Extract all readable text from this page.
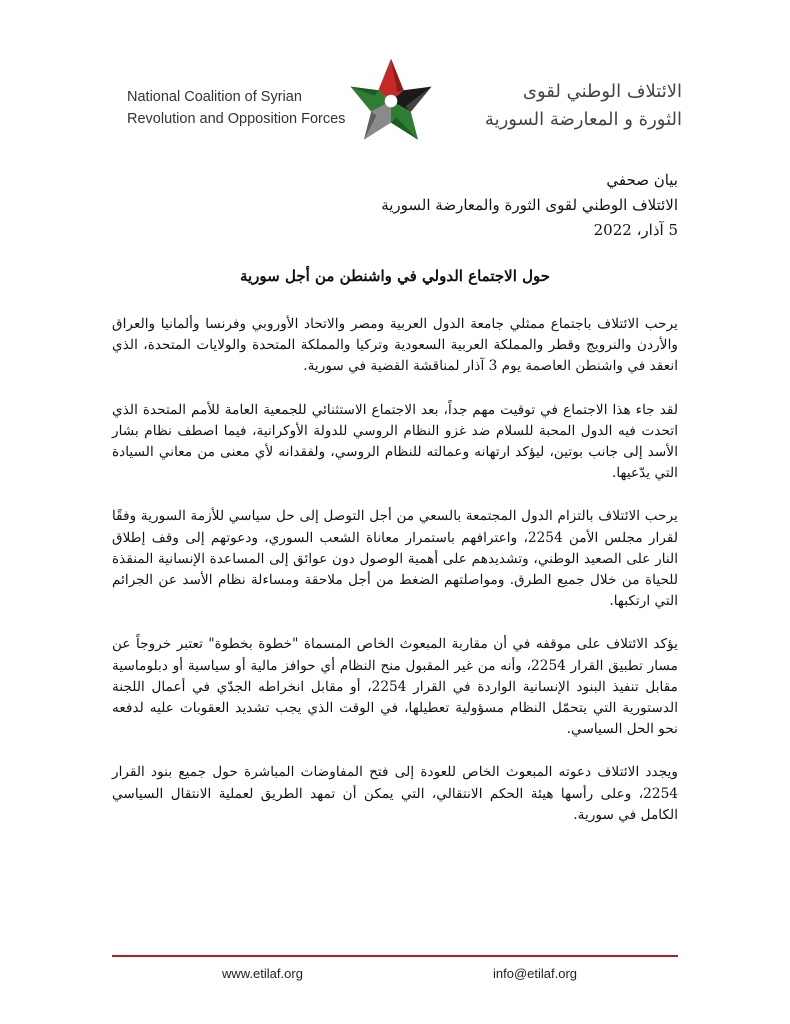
National Coalition of Syrian
Revolution and Opposition Forces
الائتلاف الوطني لقوى
الثورة و المعارضة السورية
بيان صحفي
الائتلاف الوطني لقوى الثورة والمعارضة السورية
5 آذار، 2022
حول الاجتماع الدولي في واشنطن من أجل سورية

يرحب الائتلاف باجتماع ممثلي جامعة الدول العربية ومصر والاتحاد الأوروبي وفرنسا وألمانيا والعراق والأردن والنرويج وقطر والمملكة العربية السعودية وتركيا والمملكة المتحدة والولايات المتحدة، الذي انعقد في واشنطن العاصمة يوم 3 آذار لمناقشة القضية في سورية.

لقد جاء هذا الاجتماع في توقيت مهم جداً، بعد الاجتماع الاستثنائي للجمعية العامة للأمم المتحدة الذي اتحدت فيه الدول المحبة للسلام ضد غزو النظام الروسي للدولة الأوكرانية، فيما اصطف نظام بشار الأسد إلى جانب بوتين، ليؤكد ارتهانه وعمالته للنظام الروسي، ولفقدانه لأي معنى من معاني السيادة التي يدّعيها.

يرحب الائتلاف بالتزام الدول المجتمعة بالسعي من أجل التوصل إلى حل سياسي للأزمة السورية وفقًا لقرار مجلس الأمن 2254، واعترافهم باستمرار معاناة الشعب السوري، ودعوتهم إلى وقف إطلاق النار على الصعيد الوطني، وتشديدهم على أهمية الوصول دون عوائق إلى المساعدة الإنسانية المنقذة للحياة من خلال جميع الطرق. ومواصلتهم الضغط من أجل ملاحقة ومساءلة نظام الأسد عن الجرائم التي ارتكبها.

يؤكد الائتلاف على موقفه في أن مقاربة المبعوث الخاص المسماة "خطوة بخطوة" تعتبر خروجاً عن مسار تطبيق القرار 2254، وأنه من غير المقبول منح النظام أي حوافز مالية أو سياسية أو دبلوماسية مقابل تنفيذ البنود الإنسانية الواردة في القرار 2254، أو مقابل انخراطه الجدّي في أعمال اللجنة الدستورية التي يتحمّل النظام مسؤولية تعطيلها، في الوقت الذي يجب تشديد العقوبات عليه لدفعه نحو الحل السياسي.

ويجدد الائتلاف دعوته المبعوث الخاص للعودة إلى فتح المفاوضات المباشرة حول جميع بنود القرار 2254، وعلى رأسها هيئة الحكم الانتقالي، التي يمكن أن تمهد الطريق لعملية الانتقال السياسي الكامل في سورية.

www.etilaf.org	info@etilaf.org
